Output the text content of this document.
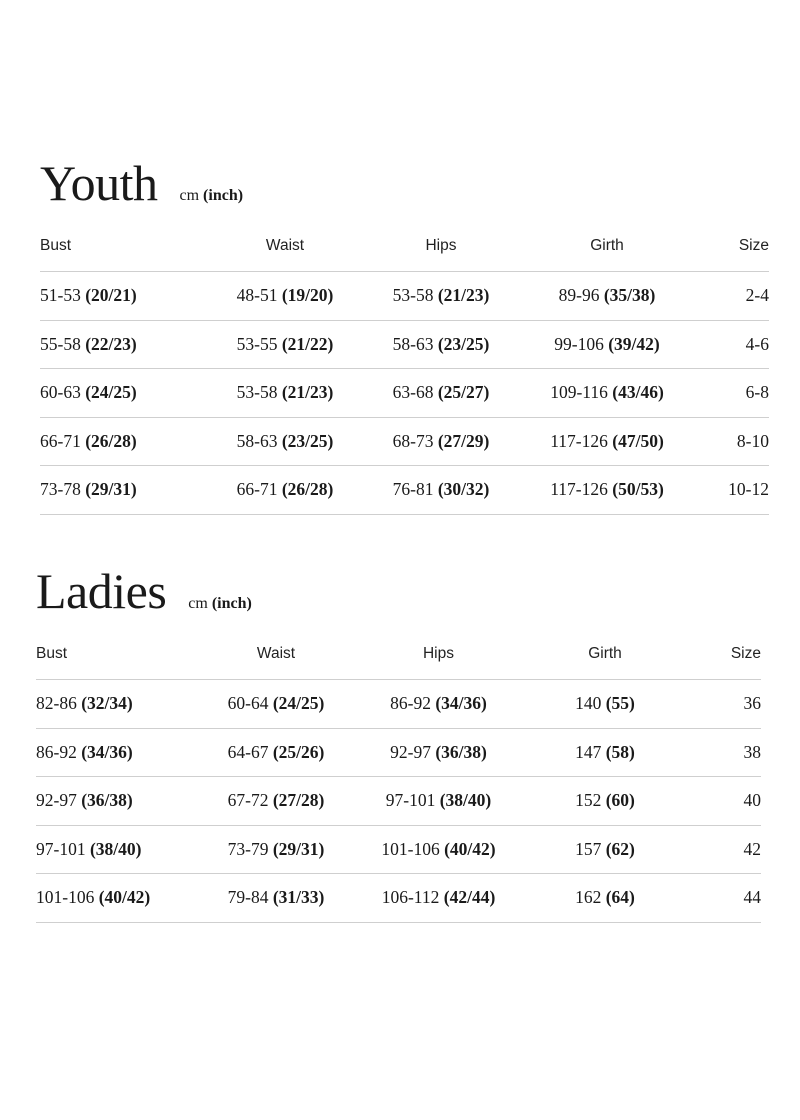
Youth cm (inch)
Bust	Waist	Hips	Girth	Size
51-53 (20/21)	48-51 (19/20)	53-58 (21/23)	89-96 (35/38)	2-4
55-58 (22/23)	53-55 (21/22)	58-63 (23/25)	99-106 (39/42)	4-6
60-63 (24/25)	53-58 (21/23)	63-68 (25/27)	109-116 (43/46)	6-8
66-71 (26/28)	58-63 (23/25)	68-73 (27/29)	117-126 (47/50)	8-10
73-78 (29/31)	66-71 (26/28)	76-81 (30/32)	117-126 (50/53)	10-12
Ladies cm (inch)
Bust	Waist	Hips	Girth	Size
82-86 (32/34)	60-64 (24/25)	86-92 (34/36)	140 (55)	36
86-92 (34/36)	64-67 (25/26)	92-97 (36/38)	147 (58)	38
92-97 (36/38)	67-72 (27/28)	97-101 (38/40)	152 (60)	40
97-101 (38/40)	73-79 (29/31)	101-106 (40/42)	157 (62)	42
101-106 (40/42)	79-84 (31/33)	106-112 (42/44)	162 (64)	44
